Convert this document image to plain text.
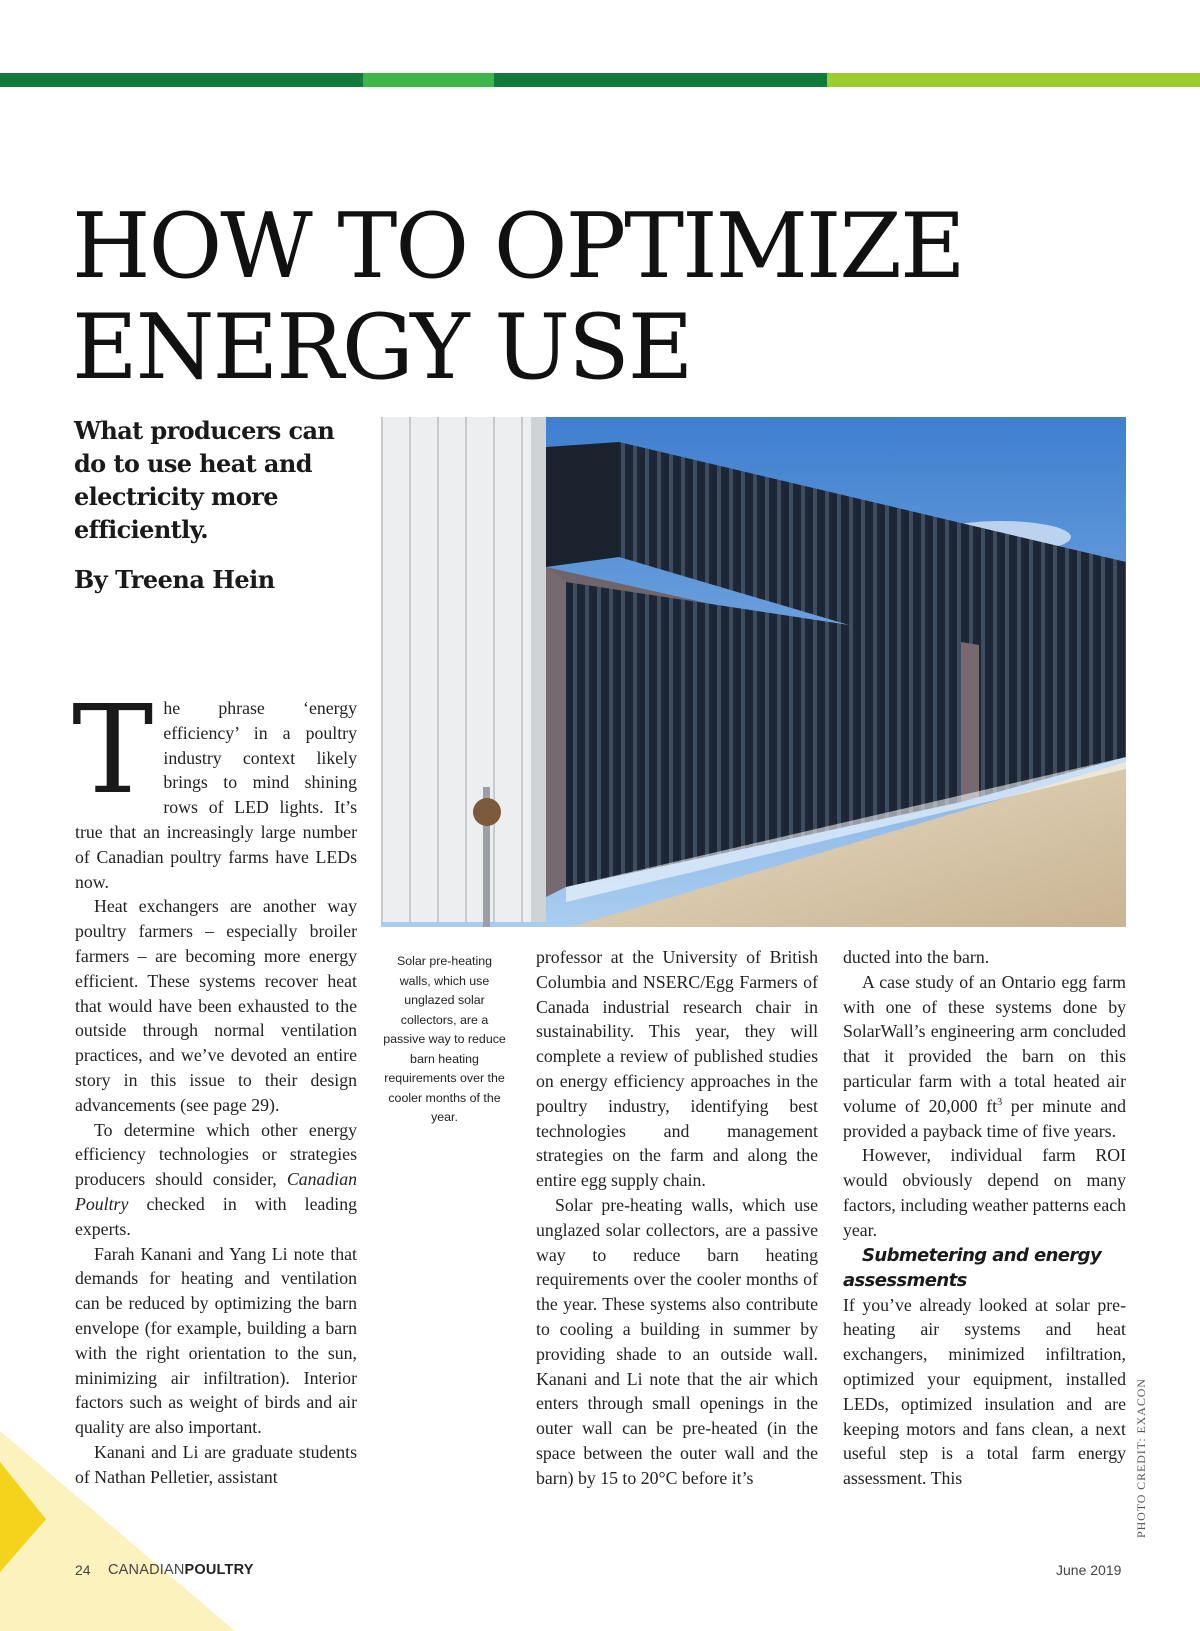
HOW TO OPTIMIZE
ENERGY USE

What producers can do to use heat and electricity more efficiently.

By Treena Hein

PHOTO CREDIT: EXACON

Solar pre-heating walls, which use unglazed solar collectors, are a passive way to reduce barn heating requirements over the cooler months of the year.

The phrase ‘energy efficiency’ in a poultry industry context likely brings to mind shining rows of LED lights. It’s true that an increasingly large number of Canadian poultry farms have LEDs now.

Heat exchangers are another way poultry farmers – especially broiler farmers – are becoming more energy efficient. These systems recover heat that would have been exhausted to the outside through normal ventilation practices, and we’ve devoted an entire story in this issue to their design advancements (see page 29).

To determine which other energy efficiency technologies or strategies producers should consider, Canadian Poultry checked in with leading experts.

Farah Kanani and Yang Li note that demands for heating and ventilation can be reduced by optimizing the barn envelope (for example, building a barn with the right orientation to the sun, minimizing air infiltration). Interior factors such as weight of birds and air quality are also important.

Kanani and Li are graduate students of Nathan Pelletier, assistant

professor at the University of British Columbia and NSERC/Egg Farmers of Canada industrial research chair in sustainability. This year, they will complete a review of published studies on energy efficiency approaches in the poultry industry, identifying best technologies and management strategies on the farm and along the entire egg supply chain.

Solar pre-heating walls, which use unglazed solar collectors, are a passive way to reduce barn heating requirements over the cooler months of the year. These systems also contribute to cooling a building in summer by providing shade to an outside wall. Kanani and Li note that the air which enters through small openings in the outer wall can be pre-heated (in the space between the outer wall and the barn) by 15 to 20°C before it’s

ducted into the barn.

A case study of an Ontario egg farm with one of these systems done by SolarWall’s engineering arm concluded that it provided the barn on this particular farm with a total heated air volume of 20,000 $ft^3$ per minute and provided a payback time of five years.

However, individual farm ROI would obviously depend on many factors, including weather patterns each year.

Submetering and energy assessments

If you’ve already looked at solar pre-heating air systems and heat exchangers, minimized infiltration, optimized your equipment, installed LEDs, optimized insulation and are keeping motors and fans clean, a next useful step is a total farm energy assessment. This

24 CANADIANPOULTRY	June 2019
